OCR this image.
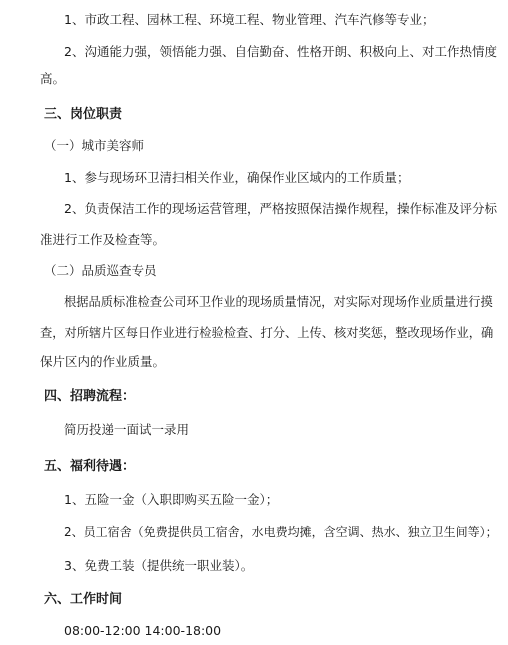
1、市政工程、园林工程、环境工程、物业管理、汽车汽修等专业；
2、沟通能力强，领悟能力强、自信勤奋、性格开朗、积极向上、对工作热情度
高。
三、岗位职责
（一）城市美容师
1、参与现场环卫清扫相关作业，确保作业区域内的工作质量；
2、负责保洁工作的现场运营管理，严格按照保洁操作规程，操作标准及评分标
准进行工作及检查等。
（二）品质巡查专员
根据品质标准检查公司环卫作业的现场质量情况，对实际对现场作业质量进行摸
查，对所辖片区每日作业进行检验检查、打分、上传、核对奖惩，整改现场作业，确
保片区内的作业质量。
四、招聘流程：
简历投递一面试一录用
五、福利待遇：
1、五险一金（入职即购买五险一金）；
2、员工宿舍（免费提供员工宿舍，水电费均摊，含空调、热水、独立卫生间等）；
3、免费工装（提供统一职业装）。
六、工作时间
08:00-12:00 14:00-18:00
